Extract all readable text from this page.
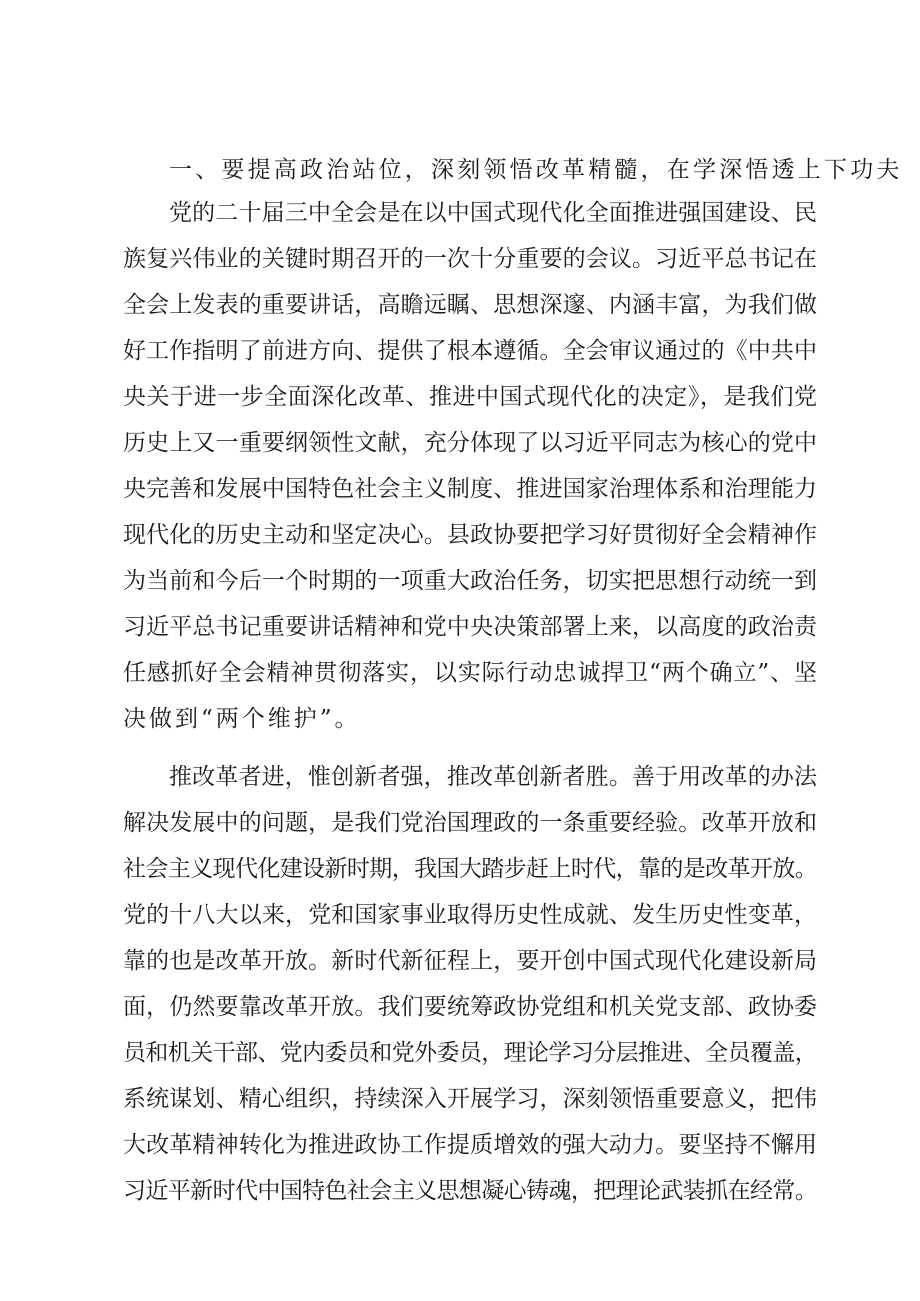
一、要提高政治站位，深刻领悟改革精髓，在学深悟透上下功夫

党的二十届三中全会是在以中国式现代化全面推进强国建设、民
族复兴伟业的关键时期召开的一次十分重要的会议。习近平总书记在
全会上发表的重要讲话，高瞻远瞩、思想深邃、内涵丰富，为我们做
好工作指明了前进方向、提供了根本遵循。全会审议通过的《中共中
央关于进一步全面深化改革、推进中国式现代化的决定》，是我们党
历史上又一重要纲领性文献，充分体现了以习近平同志为核心的党中
央完善和发展中国特色社会主义制度、推进国家治理体系和治理能力
现代化的历史主动和坚定决心。县政协要把学习好贯彻好全会精神作
为当前和今后一个时期的一项重大政治任务，切实把思想行动统一到
习近平总书记重要讲话精神和党中央决策部署上来，以高度的政治责
任感抓好全会精神贯彻落实，以实际行动忠诚捍卫“两个确立”、坚
决做到“两个维护”。

推改革者进，惟创新者强，推改革创新者胜。善于用改革的办法
解决发展中的问题，是我们党治国理政的一条重要经验。改革开放和
社会主义现代化建设新时期，我国大踏步赶上时代，靠的是改革开放。
党的十八大以来，党和国家事业取得历史性成就、发生历史性变革，
靠的也是改革开放。新时代新征程上，要开创中国式现代化建设新局
面，仍然要靠改革开放。我们要统筹政协党组和机关党支部、政协委
员和机关干部、党内委员和党外委员，理论学习分层推进、全员覆盖，
系统谋划、精心组织，持续深入开展学习，深刻领悟重要意义，把伟
大改革精神转化为推进政协工作提质增效的强大动力。要坚持不懈用
习近平新时代中国特色社会主义思想凝心铸魂，把理论武装抓在经常。
